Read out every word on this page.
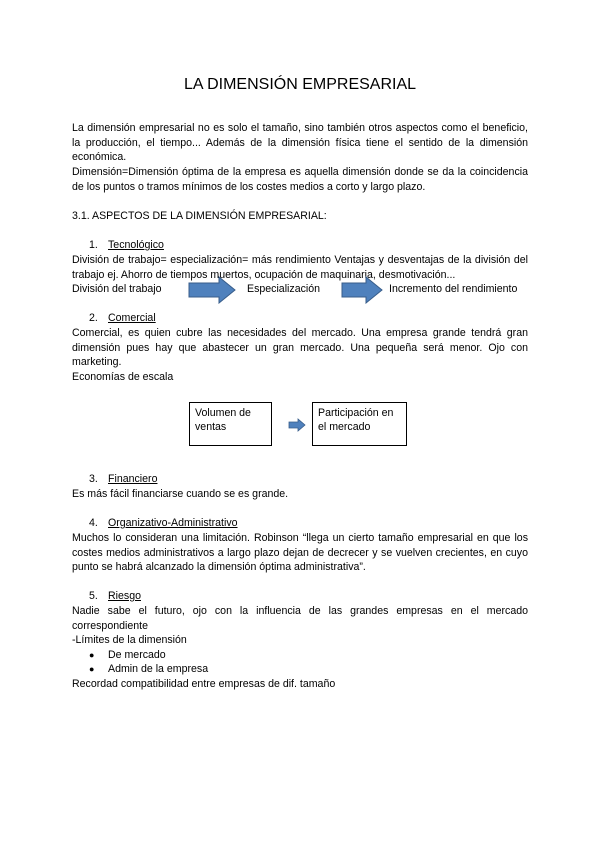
LA DIMENSIÓN EMPRESARIAL
La dimensión empresarial no es solo el tamaño, sino también otros aspectos como el beneficio, la producción, el tiempo... Además de la dimensión física tiene el sentido de la dimensión económica.
Dimensión=Dimensión óptima de la empresa es aquella dimensión donde se da la coincidencia de los puntos o tramos mínimos de los costes medios a corto y largo plazo.
3.1. ASPECTOS DE LA DIMENSIÓN EMPRESARIAL:
1. Tecnológico
División de trabajo= especialización= más rendimiento Ventajas y desventajas de la división del trabajo ej. Ahorro de tiempos muertos, ocupación de maquinaria, desmotivación...
División del trabajo	Especialización	Incremento del rendimiento
2. Comercial
Comercial, es quien cubre las necesidades del mercado. Una empresa grande tendrá gran dimensión pues hay que abastecer un gran mercado. Una pequeña será menor. Ojo con marketing.
Economías de escala
Volumen de ventas
Participación en el mercado
3. Financiero
Es más fácil financiarse cuando se es grande.
4. Organizativo-Administrativo
Muchos lo consideran una limitación. Robinson “llega un cierto tamaño empresarial en que los costes medios administrativos a largo plazo dejan de decrecer y se vuelven crecientes, en cuyo punto se habrá alcanzado la dimensión óptima administrativa”.
5. Riesgo
Nadie sabe el futuro, ojo con la influencia de las grandes empresas en el mercado correspondiente
-Límites de la dimensión
● De mercado
● Admin de la empresa
Recordad compatibilidad entre empresas de dif. tamaño
